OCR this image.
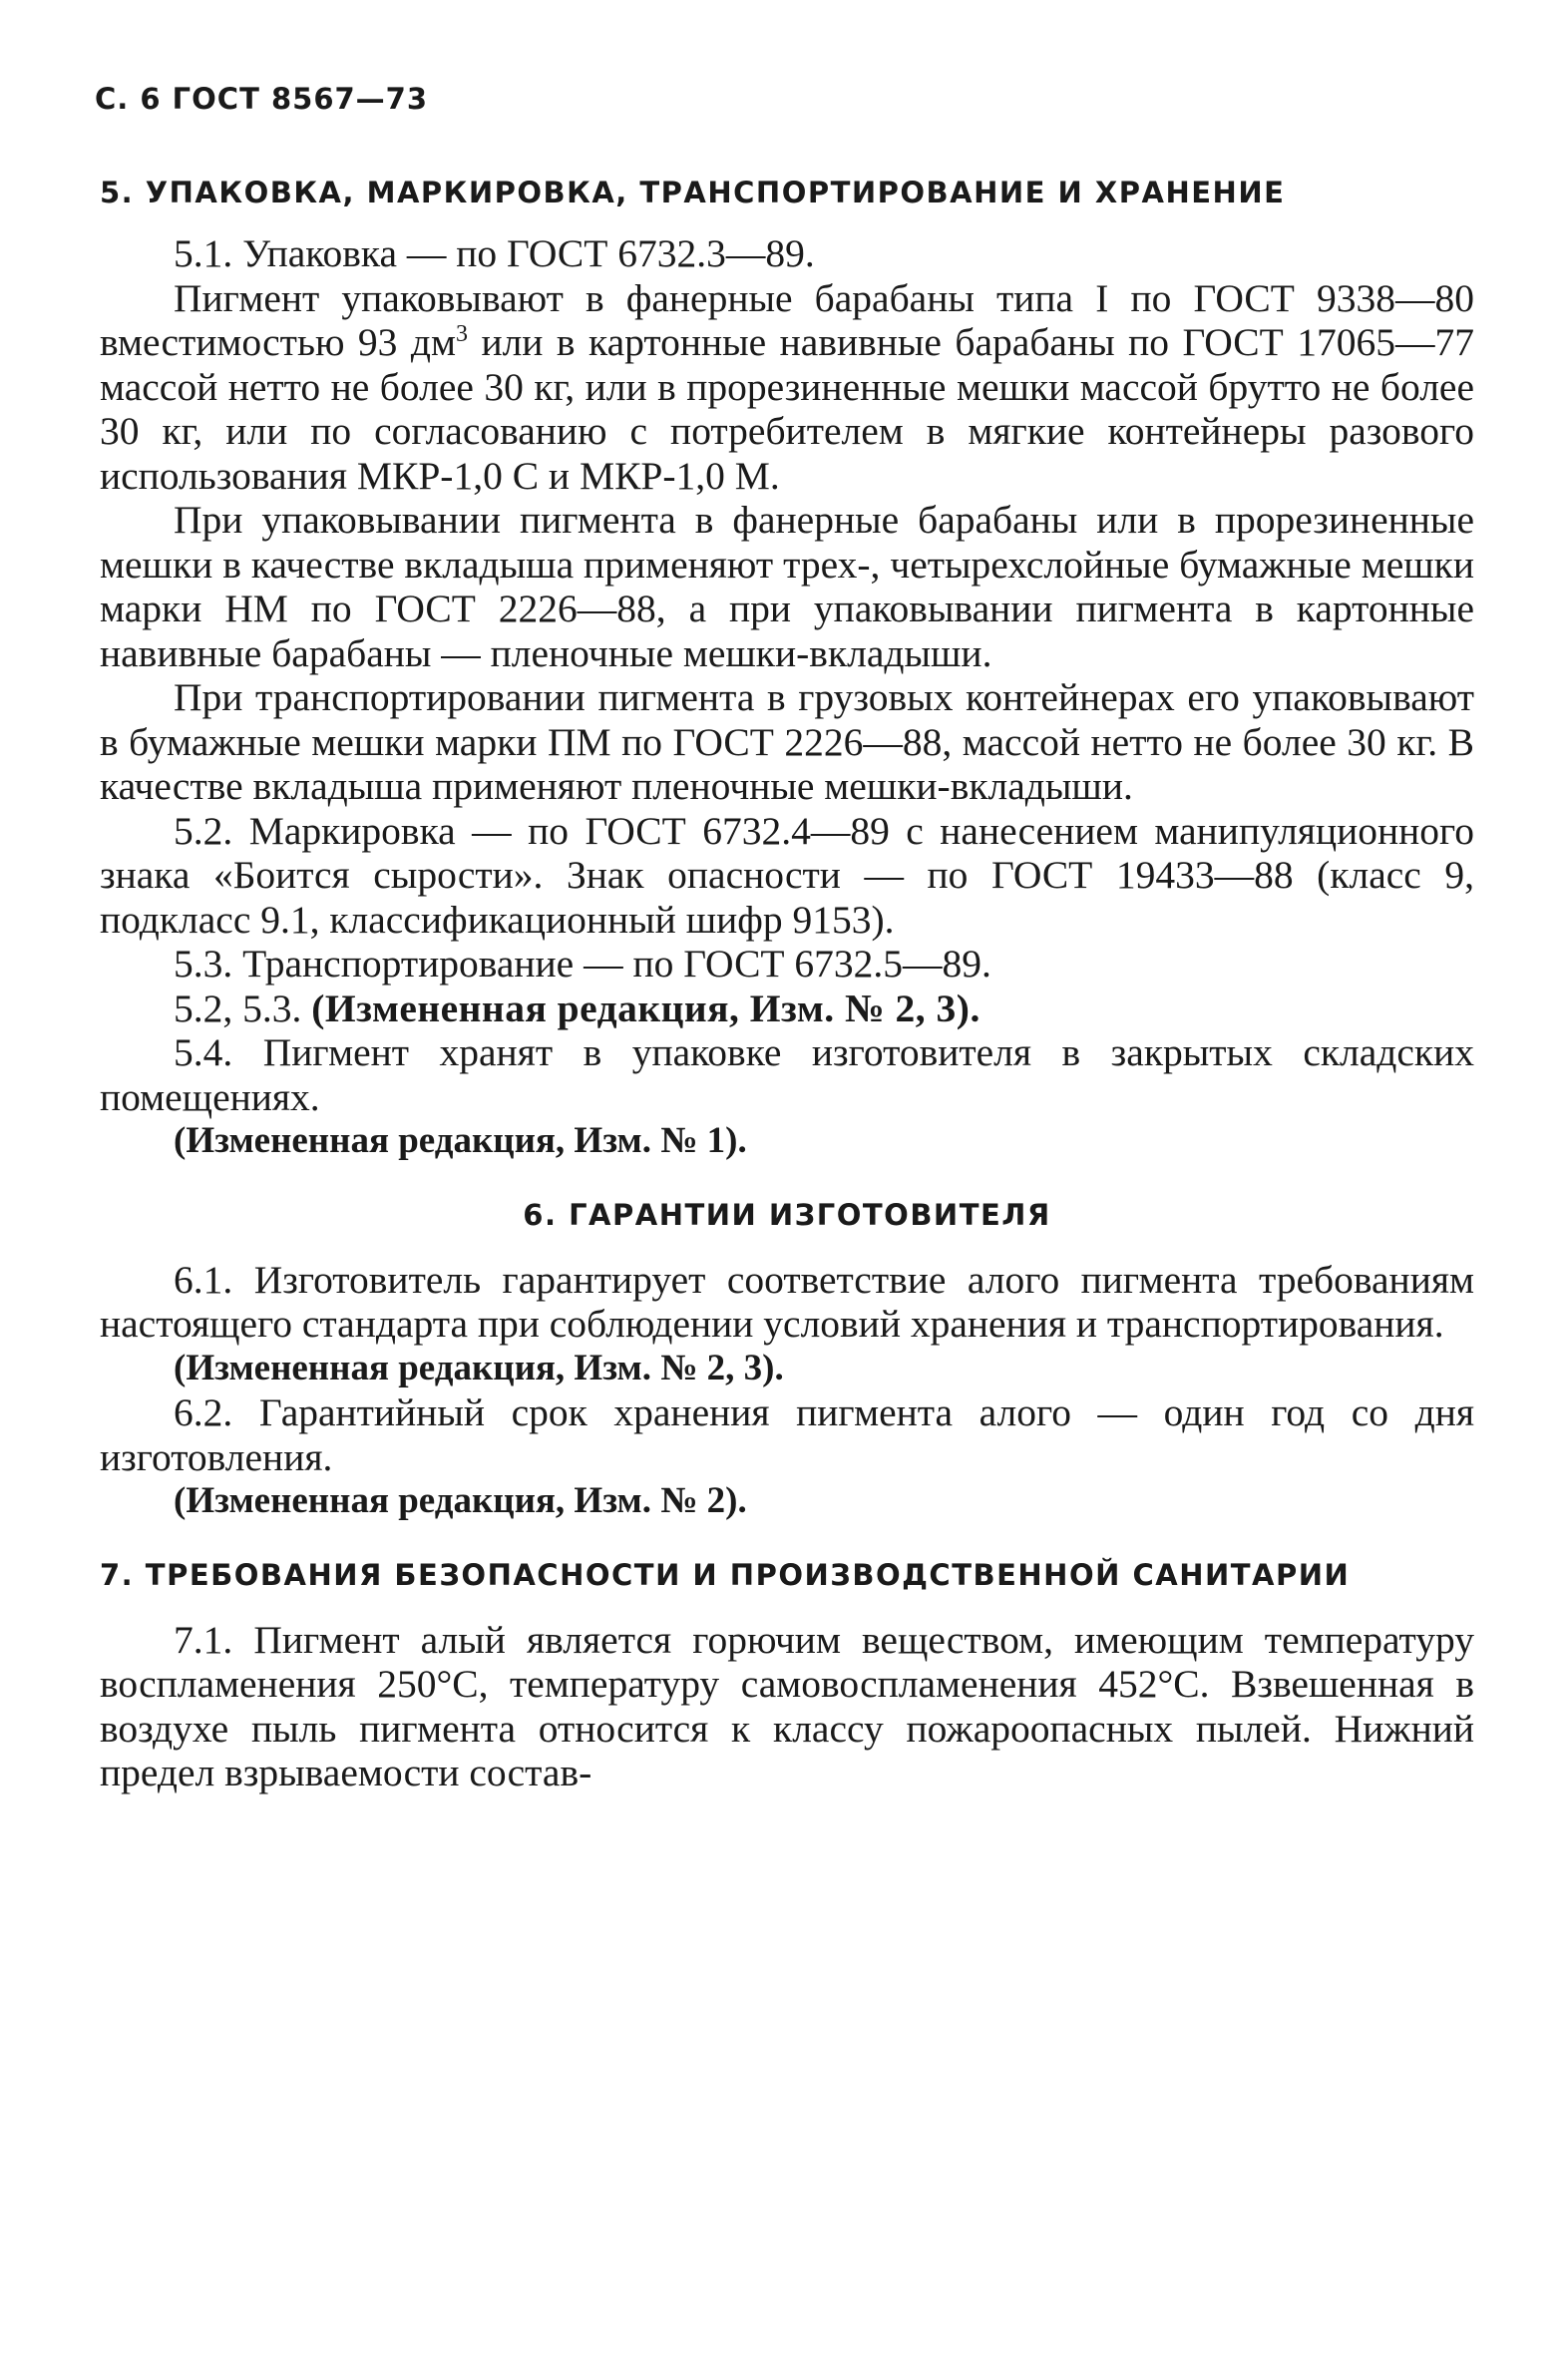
С. 6 ГОСТ 8567—73
5. УПАКОВКА, МАРКИРОВКА, ТРАНСПОРТИРОВАНИЕ И ХРАНЕНИЕ

5.1. Упаковка — по ГОСТ 6732.3—89.

Пигмент упаковывают в фанерные барабаны типа I по ГОСТ 9338—80 вместимостью 93 $дм^3$ или в картонные навивные барабаны по ГОСТ 17065—77 массой нетто не более 30 кг, или в прорезиненные мешки массой брутто не более 30 кг, или по согласованию с потребителем в мягкие контейнеры разового использования МКР-1,0 С и МКР-1,0 М.

При упаковывании пигмента в фанерные барабаны или в прорезиненные мешки в качестве вкладыша применяют трех-, четырехслойные бумажные мешки марки НМ по ГОСТ 2226—88, а при упаковывании пигмента в картонные навивные барабаны — пленочные мешки-вкладыши.

При транспортировании пигмента в грузовых контейнерах его упаковывают в бумажные мешки марки ПМ по ГОСТ 2226—88, массой нетто не более 30 кг. В качестве вкладыша применяют пленочные мешки-вкладыши.

5.2. Маркировка — по ГОСТ 6732.4—89 с нанесением манипуляционного знака «Боится сырости». Знак опасности — по ГОСТ 19433—88 (класс 9, подкласс 9.1, классификационный шифр 9153).

5.3. Транспортирование — по ГОСТ 6732.5—89.

5.2, 5.3. (Измененная редакция, Изм. № 2, 3).

5.4. Пигмент хранят в упаковке изготовителя в закрытых складских помещениях.

(Измененная редакция, Изм. № 1).

6. ГАРАНТИИ ИЗГОТОВИТЕЛЯ

6.1. Изготовитель гарантирует соответствие алого пигмента требованиям настоящего стандарта при соблюдении условий хранения и транспортирования.

(Измененная редакция, Изм. № 2, 3).

6.2. Гарантийный срок хранения пигмента алого — один год со дня изготовления.

(Измененная редакция, Изм. № 2).

7. ТРЕБОВАНИЯ БЕЗОПАСНОСТИ И ПРОИЗВОДСТВЕННОЙ САНИТАРИИ

7.1. Пигмент алый является горючим веществом, имеющим температуру воспламенения 250°С, температуру самовоспламенения 452°С. Взвешенная в воздухе пыль пигмента относится к классу пожароопасных пылей. Нижний предел взрываемости состав-
